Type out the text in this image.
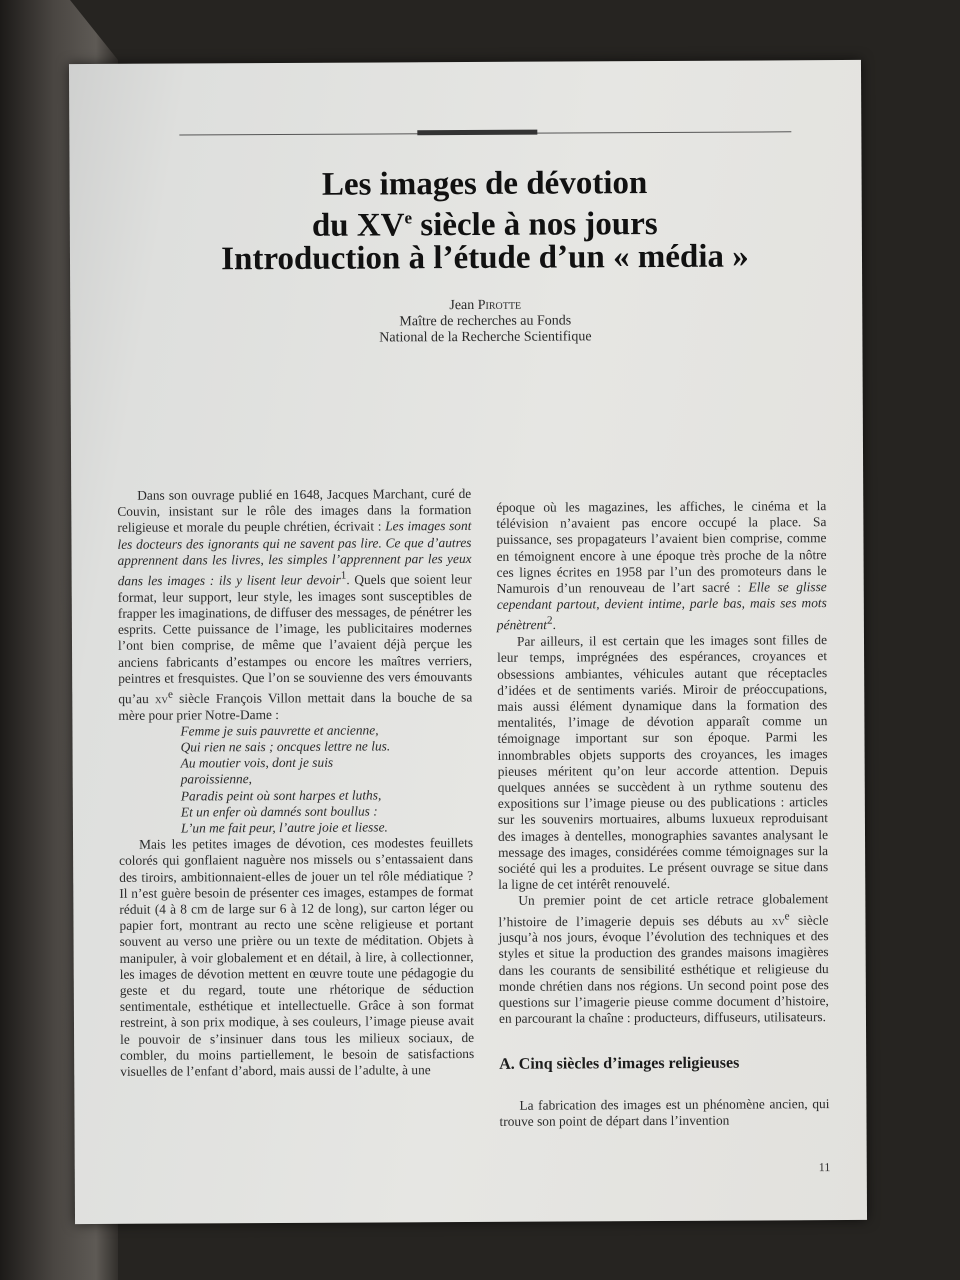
Les images de dévotion
du XVe siècle à nos jours
Introduction à l’étude d’un « média »
Jean Pirotte
Maître de recherches au Fonds
National de la Recherche Scientifique

Dans son ouvrage publié en 1648, Jacques Marchant, curé de Couvin, insistant sur le rôle des images dans la formation religieuse et morale du peuple chrétien, écrivait : Les images sont les docteurs des ignorants qui ne savent pas lire. Ce que d’autres apprennent dans les livres, les simples l’apprennent par les yeux dans les images : ils y lisent leur devoir$^1$. Quels que soient leur format, leur support, leur style, les images sont susceptibles de frapper les imaginations, de diffuser des messages, de pénétrer les esprits. Cette puissance de l’image, les publicitaires modernes l’ont bien comprise, de même que l’avaient déjà perçue les anciens fabricants d’estampes ou encore les maîtres verriers, peintres et fresquistes. Que l’on se souvienne des vers émouvants qu’au $xv^e$ siècle François Villon mettait dans la bouche de sa mère pour prier Notre-Dame :

Femme je suis pauvrette et ancienne,
Qui rien ne sais ; oncques lettre ne lus.
Au moutier vois, dont je suis
paroissienne,
Paradis peint où sont harpes et luths,
Et un enfer où damnés sont boullus :
L’un me fait peur, l’autre joie et liesse.

Mais les petites images de dévotion, ces modestes feuillets colorés qui gonflaient naguère nos missels ou s’entassaient dans des tiroirs, ambitionnaient-elles de jouer un tel rôle médiatique ? Il n’est guère besoin de présenter ces images, estampes de format réduit (4 à 8 cm de large sur 6 à 12 de long), sur carton léger ou papier fort, montrant au recto une scène religieuse et portant souvent au verso une prière ou un texte de méditation. Objets à manipuler, à voir globalement et en détail, à lire, à collectionner, les images de dévotion mettent en œuvre toute une pédagogie du geste et du regard, toute une rhétorique de séduction sentimentale, esthétique et intellectuelle. Grâce à son format restreint, à son prix modique, à ses couleurs, l’image pieuse avait le pouvoir de s’insinuer dans tous les milieux sociaux, de combler, du moins partiellement, le besoin de satisfactions visuelles de l’enfant d’abord, mais aussi de l’adulte, à une

époque où les magazines, les affiches, le cinéma et la télévision n’avaient pas encore occupé la place. Sa puissance, ses propagateurs l’avaient bien comprise, comme en témoignent encore à une époque très proche de la nôtre ces lignes écrites en 1958 par l’un des promoteurs dans le Namurois d’un renouveau de l’art sacré : Elle se glisse cependant partout, devient intime, parle bas, mais ses mots pénètrent$^2$.

Par ailleurs, il est certain que les images sont filles de leur temps, imprégnées des espérances, croyances et obsessions ambiantes, véhicules autant que réceptacles d’idées et de sentiments variés. Miroir de préoccupations, mais aussi élément dynamique dans la formation des mentalités, l’image de dévotion apparaît comme un témoignage important sur son époque. Parmi les innombrables objets supports des croyances, les images pieuses méritent qu’on leur accorde attention. Depuis quelques années se succèdent à un rythme soutenu des expositions sur l’image pieuse ou des publications : articles sur les souvenirs mortuaires, albums luxueux reproduisant des images à dentelles, monographies savantes analysant le message des images, considérées comme témoignages sur la société qui les a produites. Le présent ouvrage se situe dans la ligne de cet intérêt renouvelé.

Un premier point de cet article retrace globalement l’histoire de l’imagerie depuis ses débuts au $xv^e$ siècle jusqu’à nos jours, évoque l’évolution des techniques et des styles et situe la production des grandes maisons imagières dans les courants de sensibilité esthétique et religieuse du monde chrétien dans nos régions. Un second point pose des questions sur l’imagerie pieuse comme document d’histoire, en parcourant la chaîne : producteurs, diffuseurs, utilisateurs.

A. Cinq siècles d’images religieuses

La fabrication des images est un phénomène ancien, qui trouve son point de départ dans l’invention

11
